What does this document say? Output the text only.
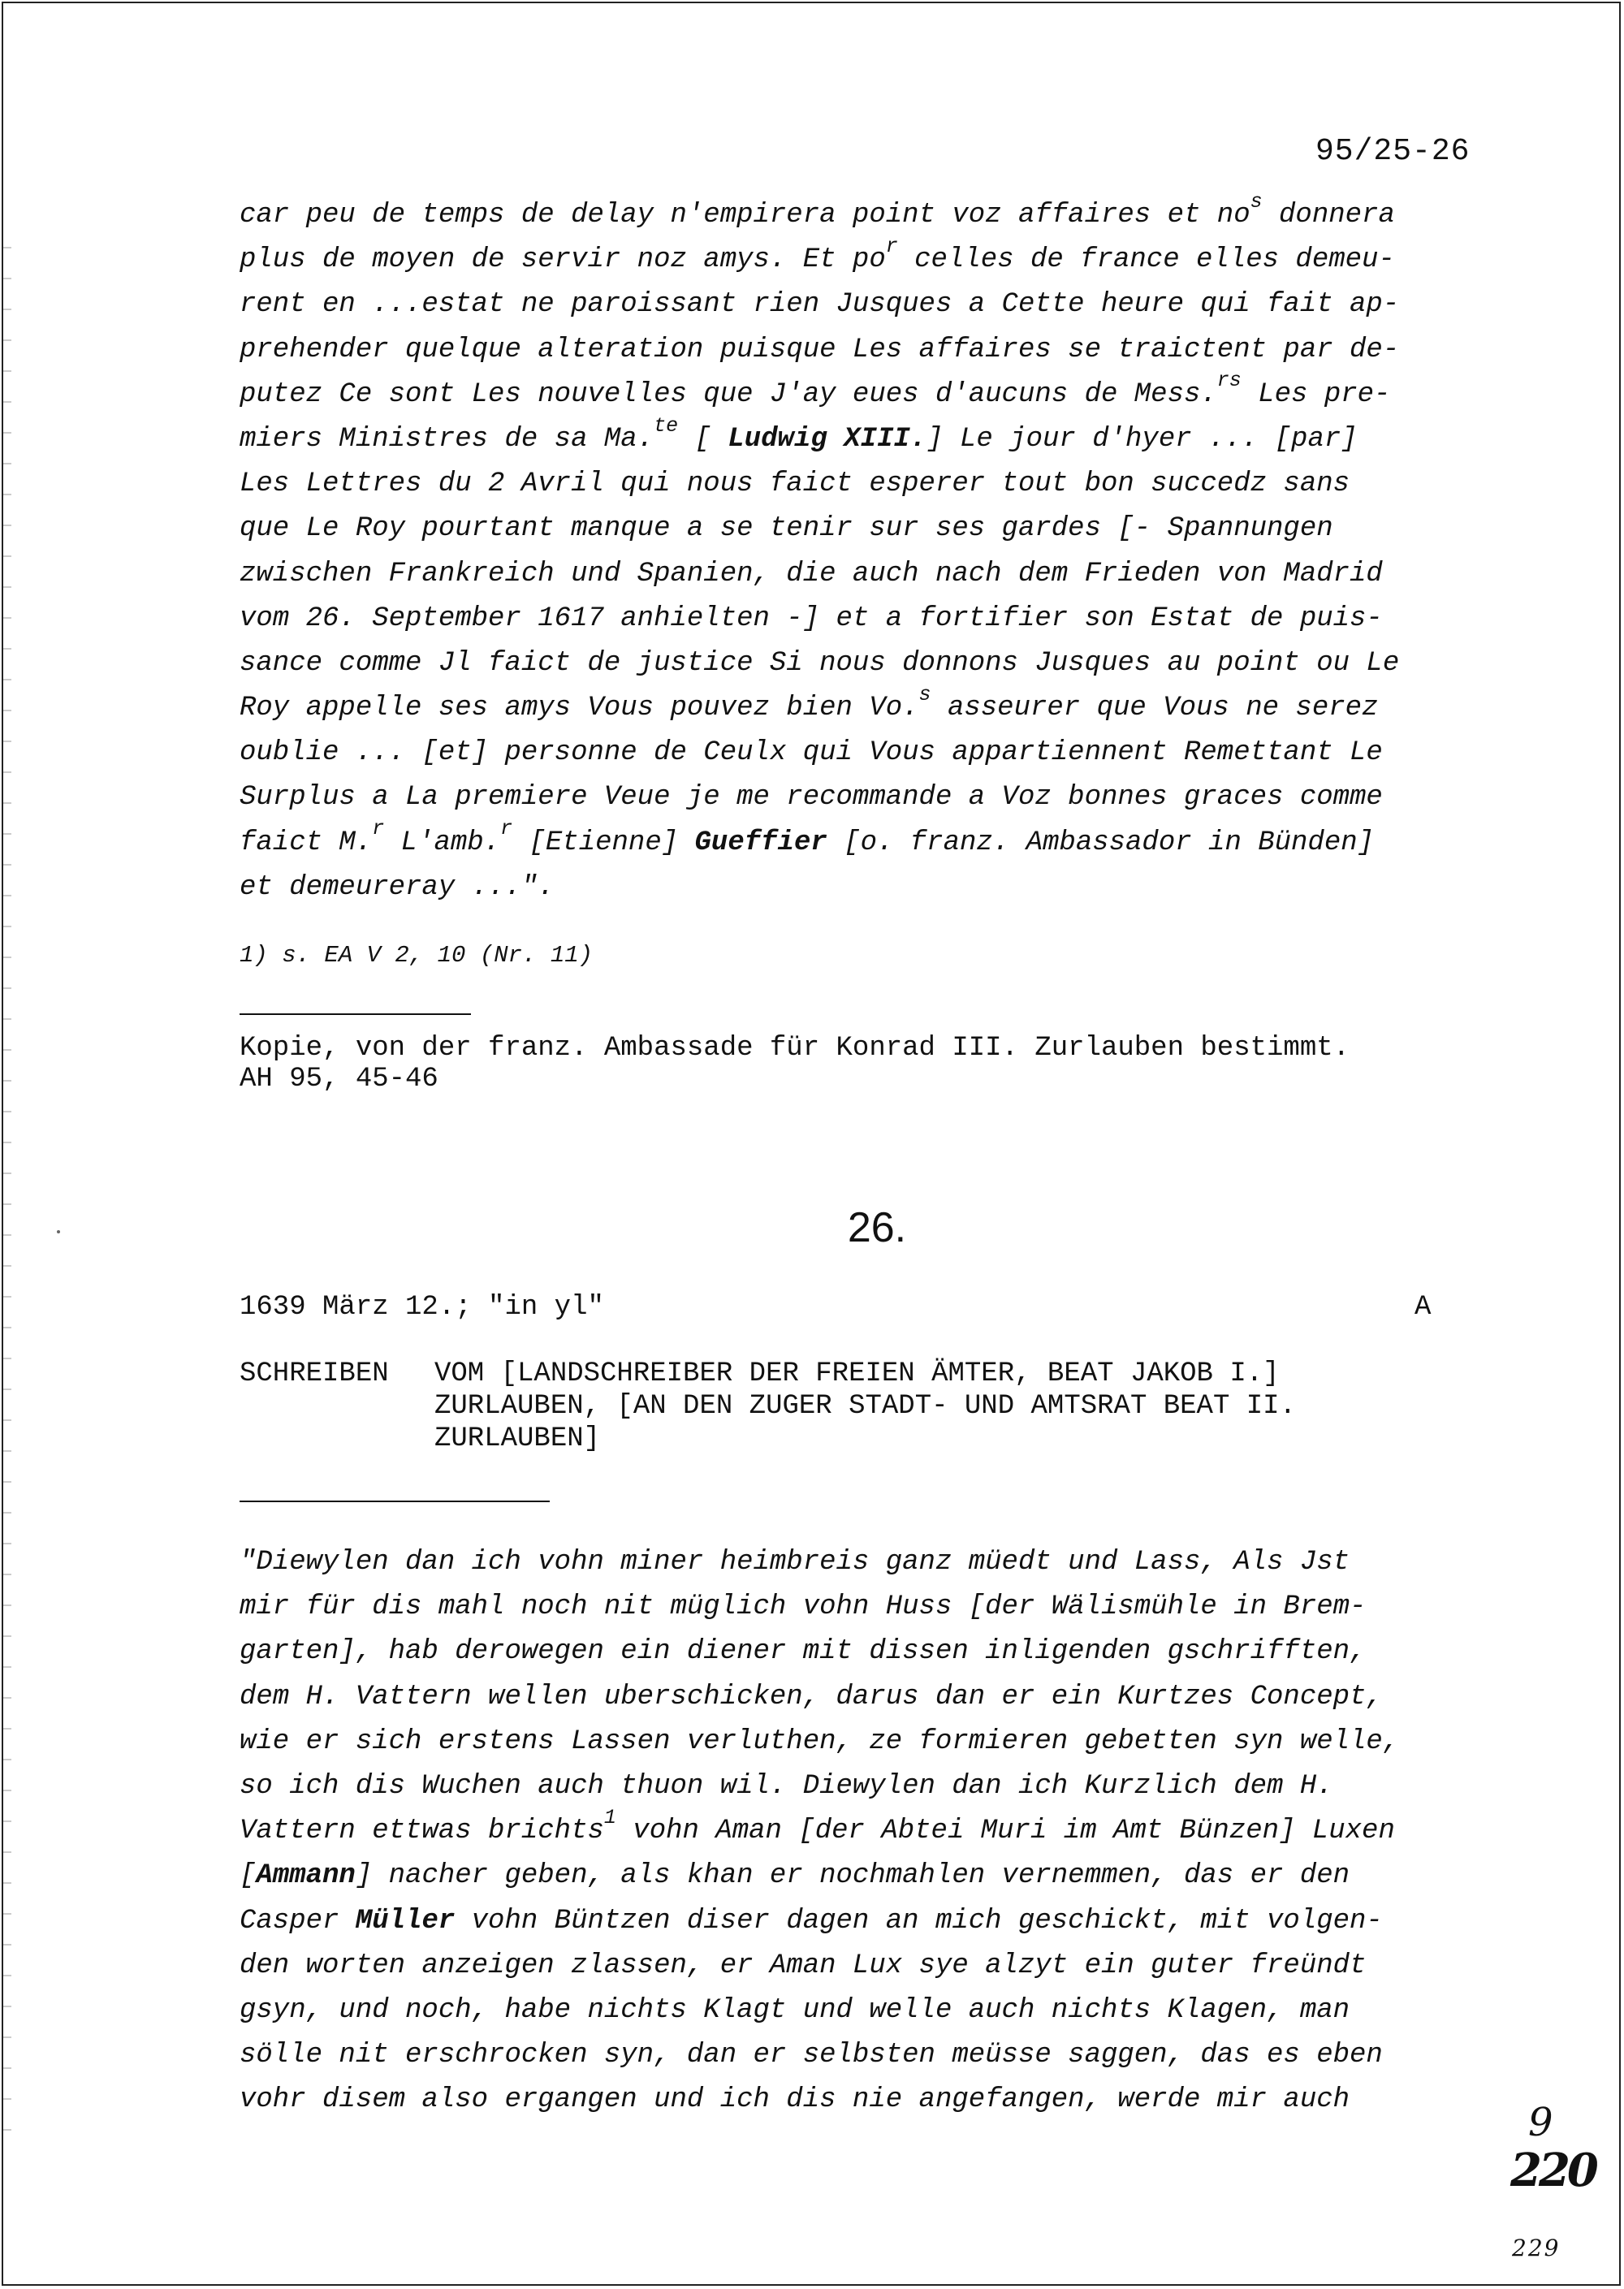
95/25-26
car peu de temps de delay n'empirera point voz affaires et $no^s$ donnera
plus de moyen de servir noz amys. Et $po^r$ celles de france elles demeu-
rent en ...estat ne paroissant rien Jusques a Cette heure qui fait ap-
prehender quelque alteration puisque Les affaires se traictent par de-
putez Ce sont Les nouvelles que J'ay eues d'aucuns de Mess.$^{rs}$ Les pre-
miers Ministres de sa Ma.$^{te}$ [ Ludwig XIII.] Le jour d'hyer ... [par]
Les Lettres du 2 Avril qui nous faict esperer tout bon succedz sans
que Le Roy pourtant manque a se tenir sur ses gardes [- Spannungen
zwischen Frankreich und Spanien, die auch nach dem Frieden von Madrid
vom 26. September 1617 anhielten -] et a fortifier son Estat de puis-
sance comme Jl faict de justice Si nous donnons Jusques au point ou Le
Roy appelle ses amys Vous pouvez bien Vo.$^s$ asseurer que Vous ne serez
oublie ... [et] personne de Ceulx qui Vous appartiennent Remettant Le
Surplus a La premiere Veue je me recommande a Voz bonnes graces comme
faict M.$^r$ L'amb.$^r$ [Etienne] Gueffier [o. franz. Ambassador in Bünden]
et demeureray ...".
1) s. EA V 2, 10 (Nr. 11)
Kopie, von der franz. Ambassade für Konrad III. Zurlauben bestimmt.
AH 95, 45-46
26.
1639 März 12.; "in yl"	A
SCHREIBEN VOM [LANDSCHREIBER DER FREIEN ÄMTER, BEAT JAKOB I.]
ZURLAUBEN, [AN DEN ZUGER STADT- UND AMTSRAT BEAT II.
ZURLAUBEN]
"Diewylen dan ich vohn miner heimbreis ganz müedt und Lass, Als Jst
mir für dis mahl noch nit müglich vohn Huss [der Wälismühle in Brem-
garten], hab derowegen ein diener mit dissen inligenden gschrifften,
dem H. Vattern wellen uberschicken, darus dan er ein Kurtzes Concept,
wie er sich erstens Lassen verluthen, ze formieren gebetten syn welle,
so ich dis Wuchen auch thuon wil. Diewylen dan ich Kurzlich dem H.
Vattern ettwas brichts$^1$ vohn Aman [der Abtei Muri im Amt Bünzen] Luxen
[Ammann] nacher geben, als khan er nochmahlen vernemmen, das er den
Casper Müller vohn Büntzen diser dagen an mich geschickt, mit volgen-
den worten anzeigen zlassen, er Aman Lux sye alzyt ein guter freündt
gsyn, und noch, habe nichts Klagt und welle auch nichts Klagen, man
sölle nit erschrocken syn, dan er selbsten meüsse saggen, das es eben
vohr disem also ergangen und ich dis nie angefangen, werde mir auch	9
220
229
